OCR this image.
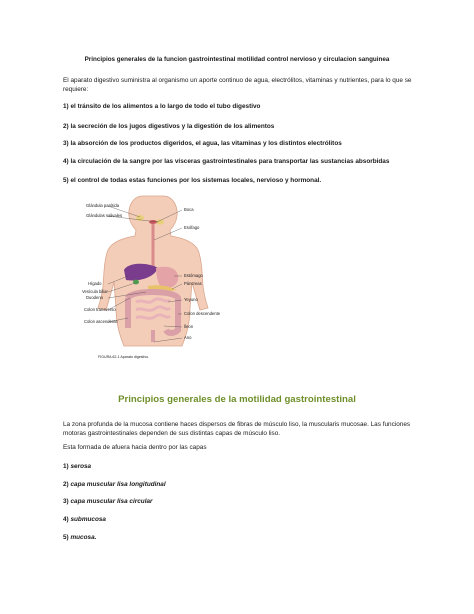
Principios generales de la funcion gastrointestinal motilidad control nervioso y circulacion sanguinea
El aparato digestivo suministra al organismo un aporte continuo de agua, electrólitos, vitaminas y nutrientes, para lo que se requiere:
1) el tránsito de los alimentos a lo largo de todo el tubo digestivo
2) la secreción de los jugos digestivos y la digestión de los alimentos
3) la absorción de los productos digeridos, el agua, las vitaminas y los distintos electrólitos
4) la circulación de la sangre por las vísceras gastrointestinales para transportar las sustancias absorbidas
5) el control de todas estas funciones por los sistemas locales, nervioso y hormonal.
Glándula parótida
Glándulas salivales
Hígado
Vesícula biliar
Duodeno
Colon transverso
Colon ascendente
Boca
Esófago
Estómago
Páncreas
Yeyuno
Colon descendente
Íleon
Ano
FIGURA 62-1 Aparato digestivo.
Principios generales de la motilidad gastrointestinal
La zona profunda de la mucosa contiene haces dispersos de fibras de músculo liso, la muscularis mucosae. Las funciones motoras gastrointestinales dependen de sus distintas capas de músculo liso.
Esta formada de afuera hacia dentro por las capas
1) serosa
2) capa muscular lisa longitudinal
3) capa muscular lisa circular
4) submucosa
5) mucosa.
